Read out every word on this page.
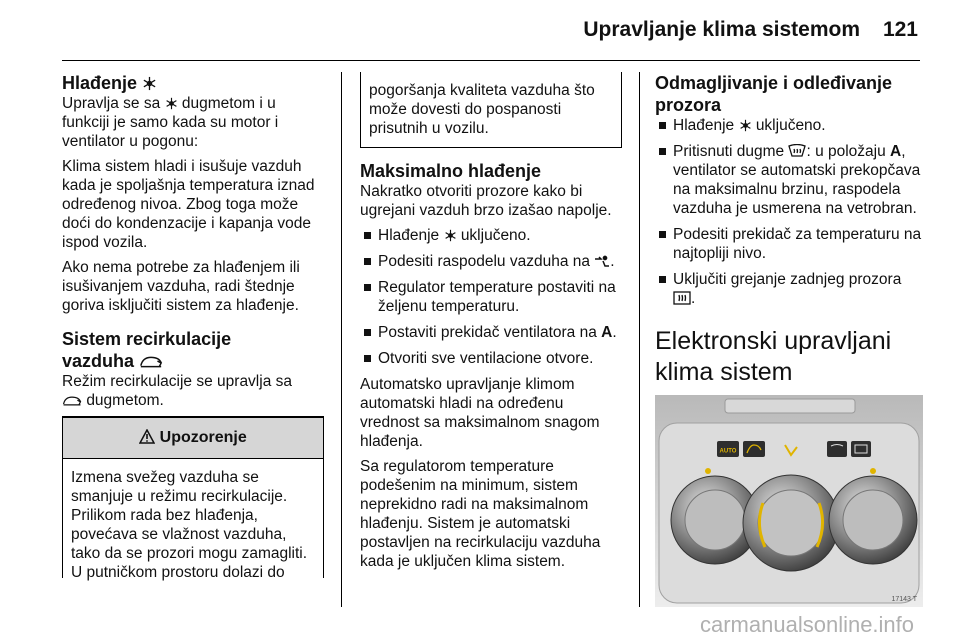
Upravljanje klima sistemom 121
Hlađenje

Upravlja se sa dugmetom i u funkciji je samo kada su motor i ventilator u pogonu:

Klima sistem hladi i isušuje vazduh kada je spoljašnja temperatura iznad određenog nivoa. Zbog toga može doći do kondenzacije i kapanja vode ispod vozila.

Ako nema potrebe za hlađenjem ili isušivanjem vazduha, radi štednje goriva isključiti sistem za hlađenje.

Sistem recirkulacije
vazduha

Režim recirkulacije se upravlja sa
dugmetom.

Upozorenje
Izmena svežeg vazduha se smanjuje u režimu recirkulacije. Prilikom rada bez hlađenja, povećava se vlažnost vazduha, tako da se prozori mogu zamagliti. U putničkom prostoru dolazi do
pogoršanja kvaliteta vazduha što može dovesti do pospanosti prisutnih u vozilu.
Maksimalno hlađenje

Nakratko otvoriti prozore kako bi ugrejani vazduh brzo izašao napolje.

Hlađenje uključeno.
Podesiti raspodelu vazduha na .
Regulator temperature postaviti na željenu temperaturu.
Postaviti prekidač ventilatora na A.
Otvoriti sve ventilacione otvore.

Automatsko upravljanje klimom automatski hladi na određenu vrednost sa maksimalnom snagom hlađenja.

Sa regulatorom temperature podešenim na minimum, sistem neprekidno radi na maksimalnom hlađenju. Sistem je automatski postavljen na recirkulaciju vazduha kada je uključen klima sistem.

Odmagljivanje i odleđivanje
prozora
Hlađenje uključeno.
Pritisnuti dugme : u položaju A, ventilator se automatski prekopčava na maksimalnu brzinu, raspodela vazduha je usmerena na vetrobran.
Podesiti prekidač za temperaturu na najtopliji nivo.
Uključiti grejanje zadnjeg prozora
.
Elektronski upravljani
klima sistem
AUTO
17143 T
carmanualsonline.info
